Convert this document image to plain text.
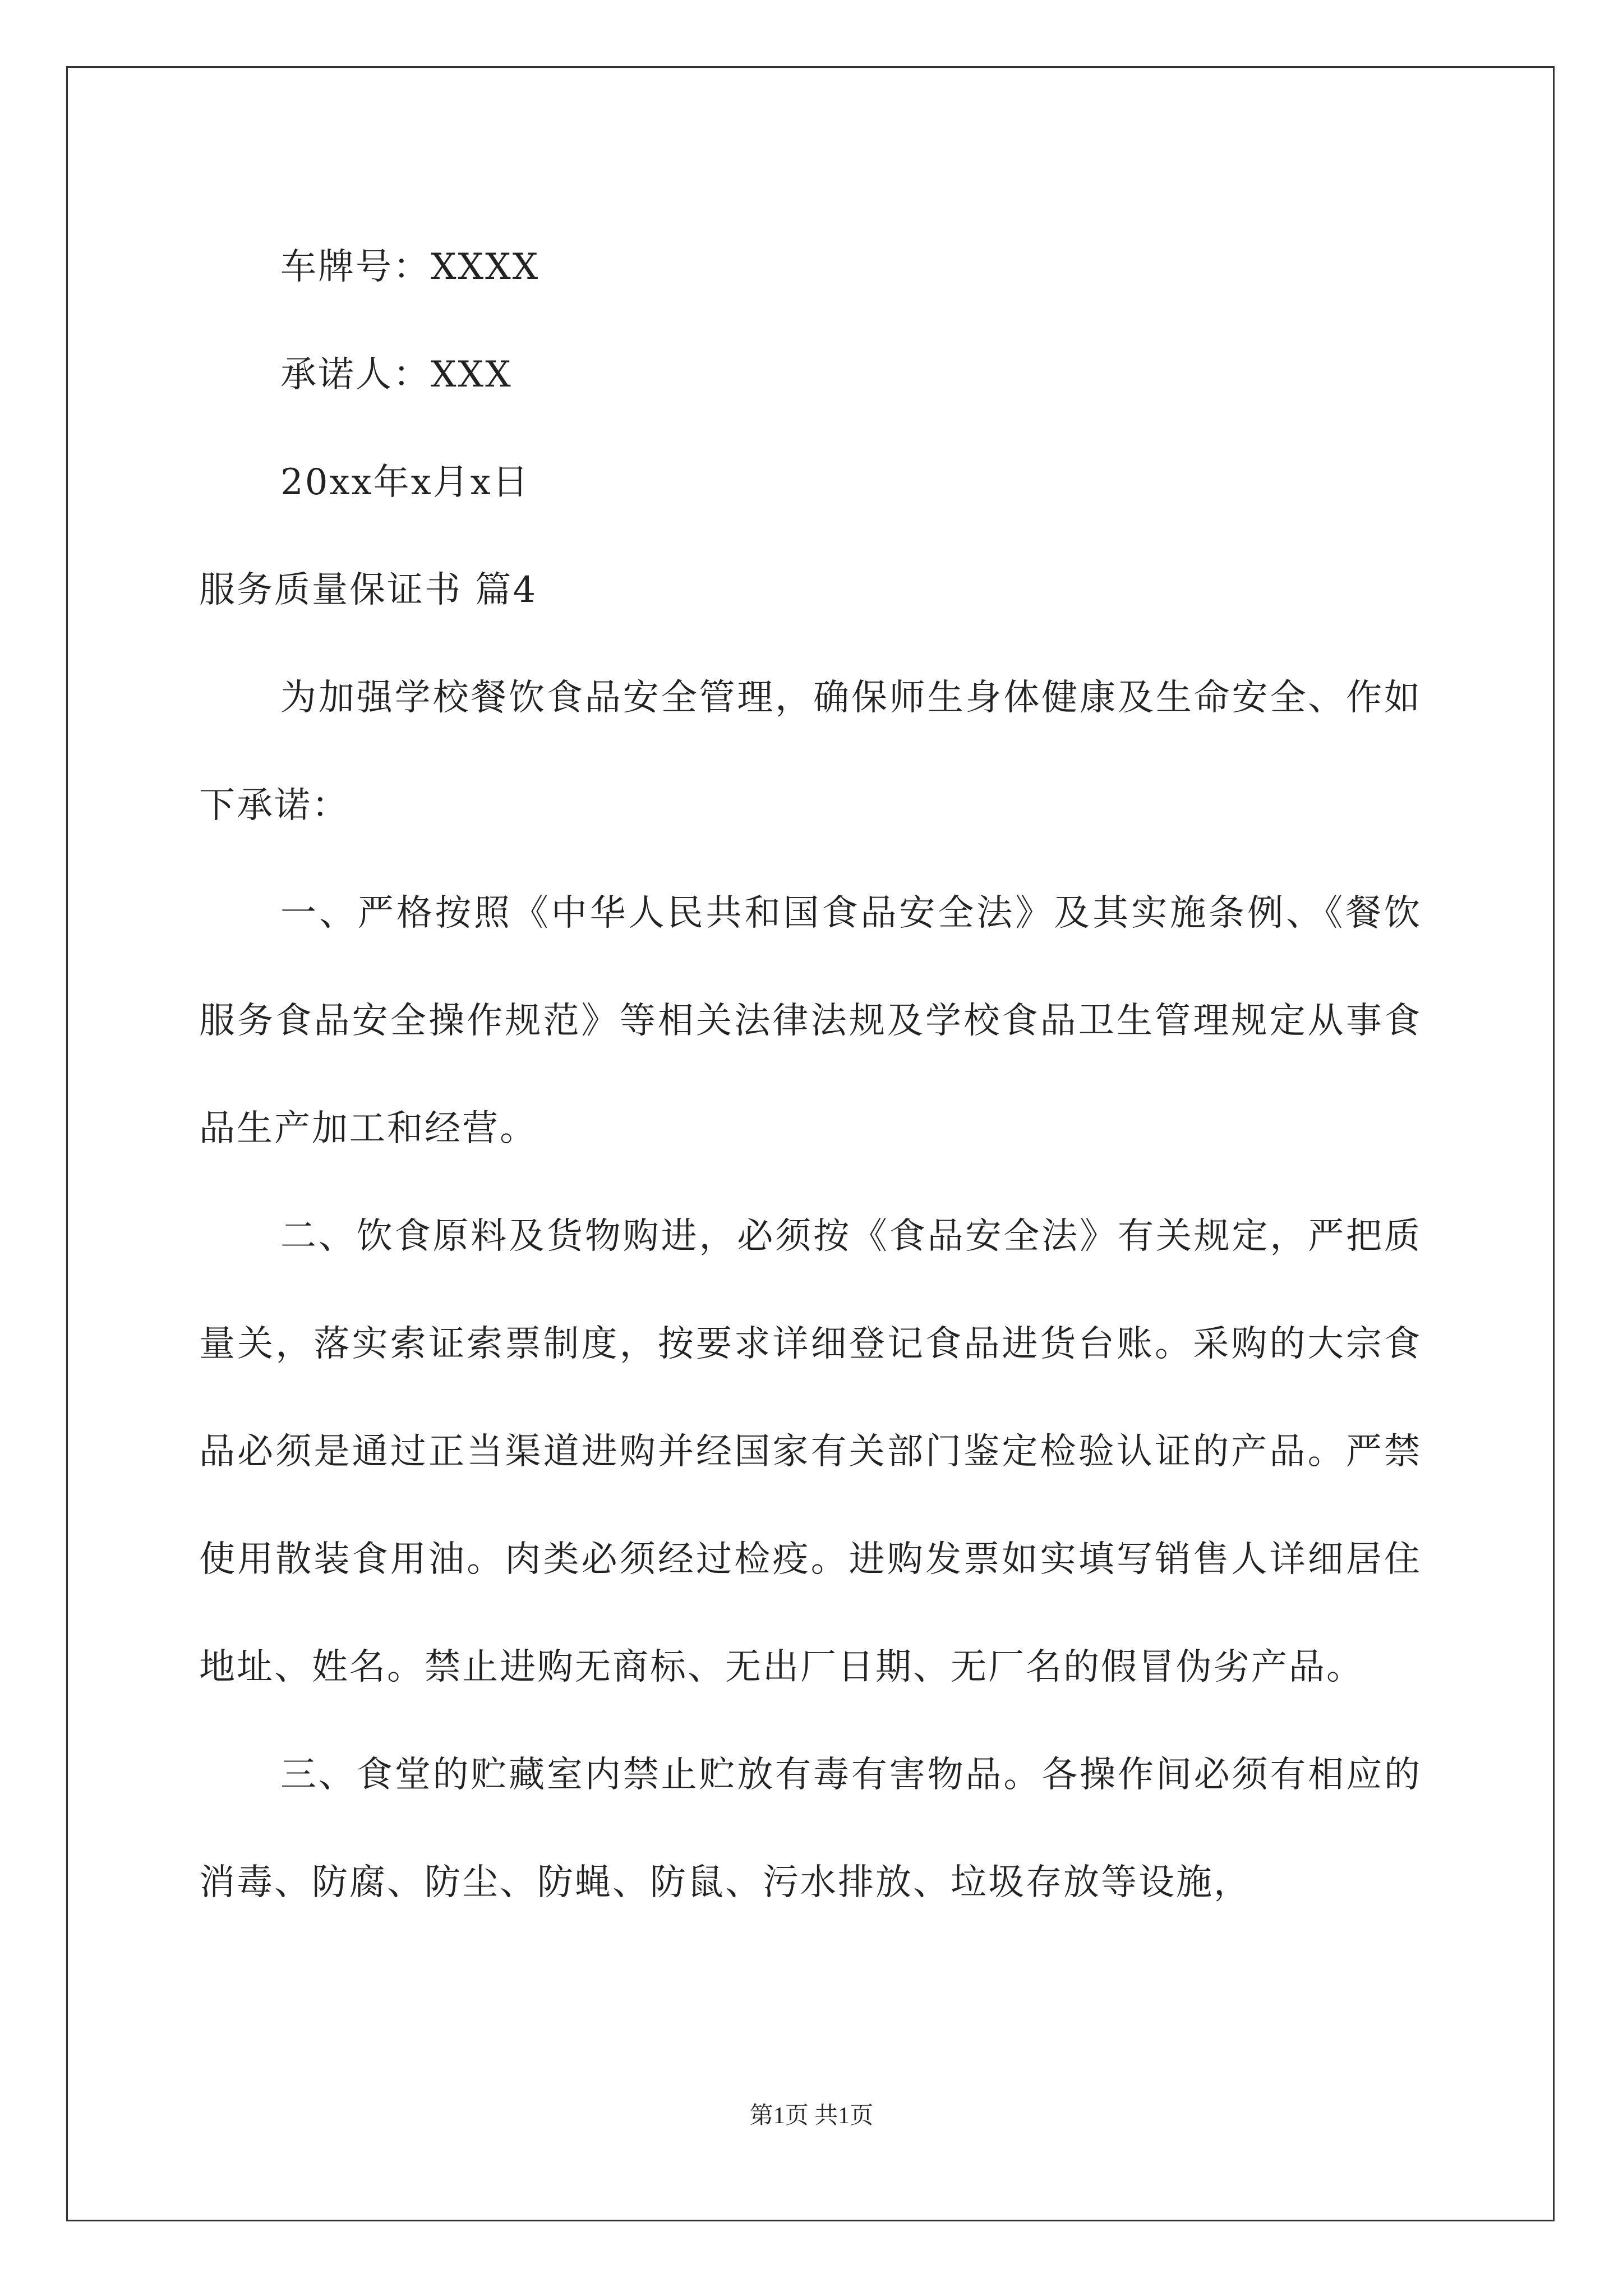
车牌号：XXXX
承诺人：XXX
20xx年x月x日
服务质量保证书 篇4

为加强学校餐饮食品安全管理，确保师生身体健康及生命安全、作如下承诺：

一、严格按照《中华人民共和国食品安全法》及其实施条例、《餐饮服务食品安全操作规范》等相关法律法规及学校食品卫生管理规定从事食品生产加工和经营。

二、饮食原料及货物购进，必须按《食品安全法》有关规定，严把质量关，落实索证索票制度，按要求详细登记食品进货台账。采购的大宗食品必须是通过正当渠道进购并经国家有关部门鉴定检验认证的产品。严禁使用散装食用油。肉类必须经过检疫。进购发票如实填写销售人详细居住地址、姓名。禁止进购无商标、无出厂日期、无厂名的假冒伪劣产品。

三、食堂的贮藏室内禁止贮放有毒有害物品。各操作间必须有相应的消毒、防腐、防尘、防蝇、防鼠、污水排放、垃圾存放等设施，

第1页 共1页
